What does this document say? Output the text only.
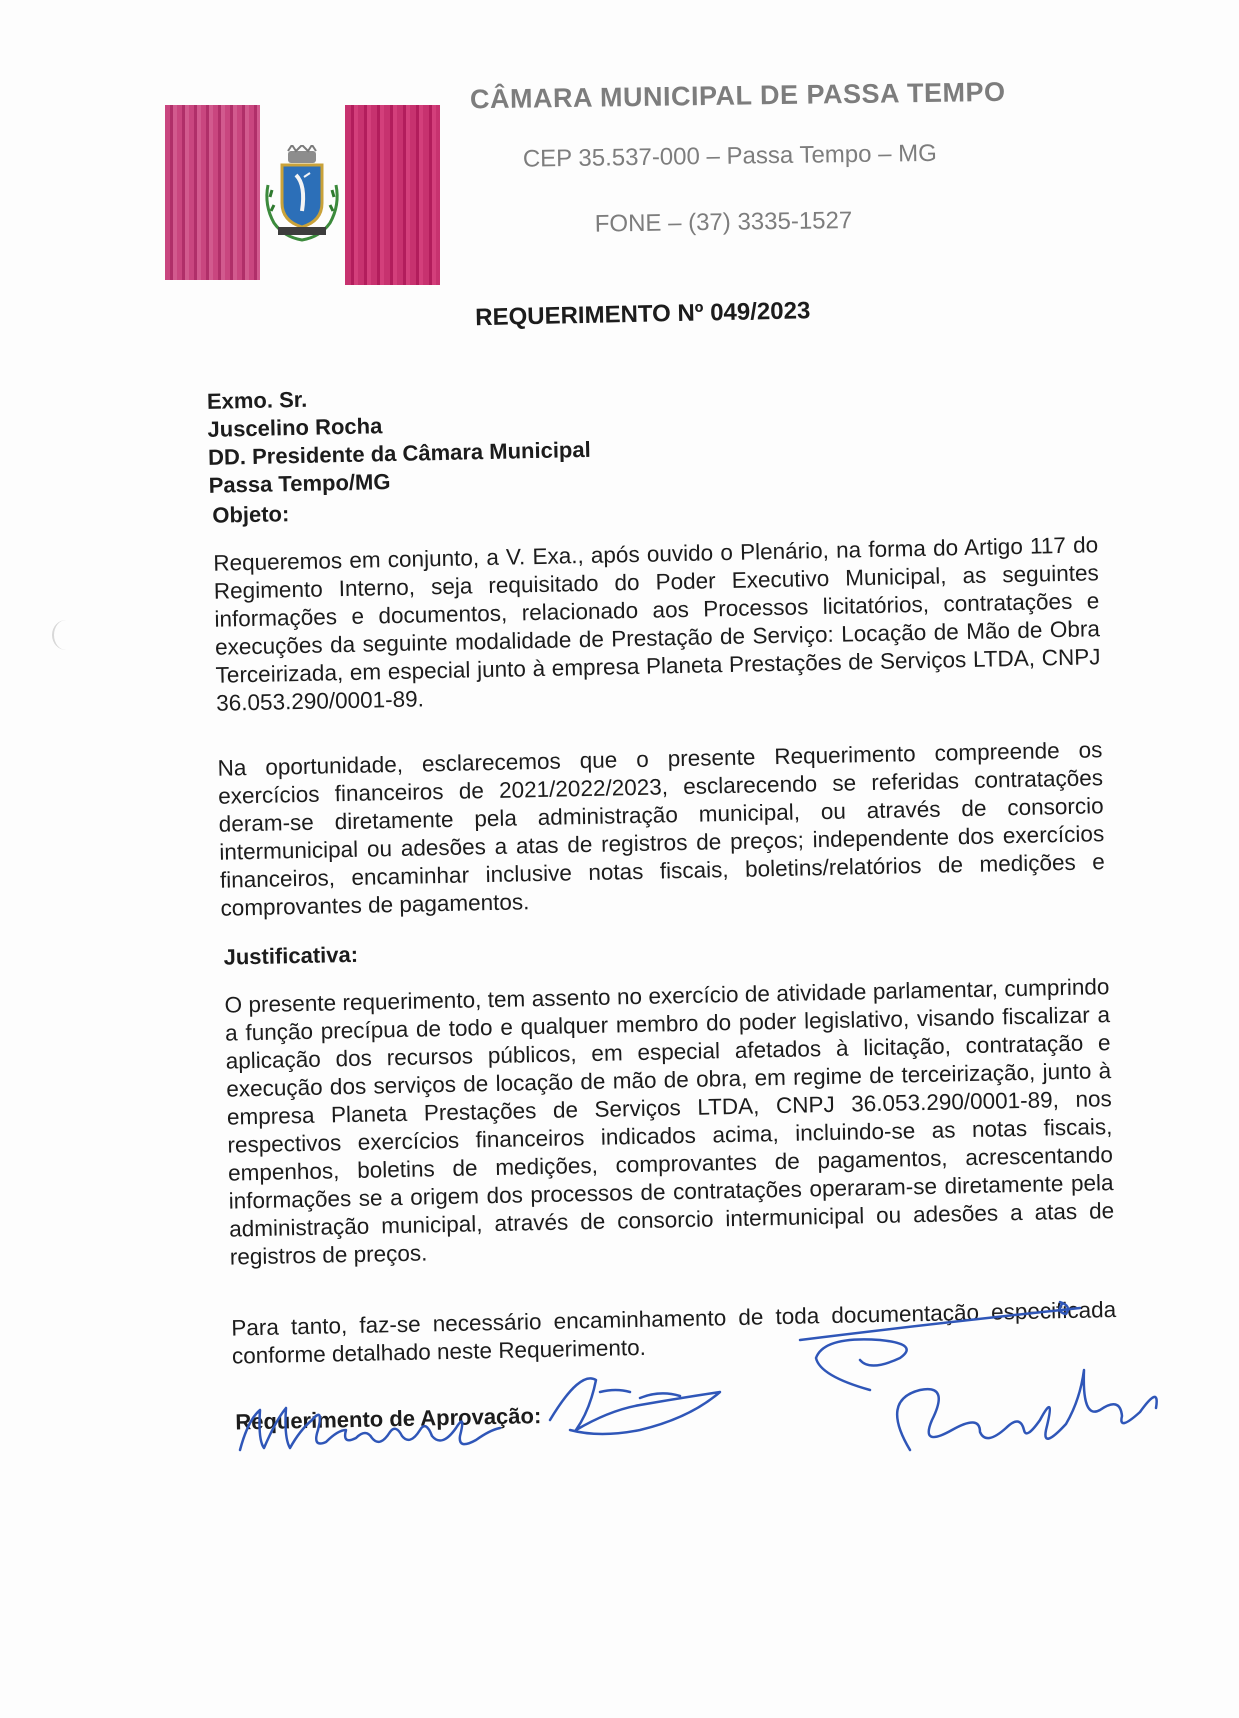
CÂMARA MUNICIPAL DE PASSA TEMPO

CEP 35.537-000 – Passa Tempo – MG

FONE – (37) 3335-1527

REQUERIMENTO Nº 049/2023

Exmo. Sr.
Juscelino Rocha
DD. Presidente da Câmara Municipal
Passa Tempo/MG

Objeto:

Requeremos em conjunto, a V. Exa., após ouvido o Plenário, na forma do Artigo 117 do Regimento Interno, seja requisitado do Poder Executivo Municipal, as seguintes informações e documentos, relacionado aos Processos licitatórios, contratações e execuções da seguinte modalidade de Prestação de Serviço: Locação de Mão de Obra Terceirizada, em especial junto à empresa Planeta Prestações de Serviços LTDA, CNPJ 36.053.290/0001-89.

Na oportunidade, esclarecemos que o presente Requerimento compreende os exercícios financeiros de 2021/2022/2023, esclarecendo se referidas contratações deram-se diretamente pela administração municipal, ou através de consorcio intermunicipal ou adesões a atas de registros de preços; independente dos exercícios financeiros, encaminhar inclusive notas fiscais, boletins/relatórios de medições e comprovantes de pagamentos.

Justificativa:

O presente requerimento, tem assento no exercício de atividade parlamentar, cumprindo a função precípua de todo e qualquer membro do poder legislativo, visando fiscalizar a aplicação dos recursos públicos, em especial afetados à licitação, contratação e execução dos serviços de locação de mão de obra, em regime de terceirização, junto à empresa Planeta Prestações de Serviços LTDA, CNPJ 36.053.290/0001-89, nos respectivos exercícios financeiros indicados acima, incluindo-se as notas fiscais, empenhos, boletins de medições, comprovantes de pagamentos, acrescentando informações se a origem dos processos de contratações operaram-se diretamente pela administração municipal, através de consorcio intermunicipal ou adesões a atas de registros de preços.

Para tanto, faz-se necessário encaminhamento de toda documentação especificada conforme detalhado neste Requerimento.

Requerimento de Aprovação:
